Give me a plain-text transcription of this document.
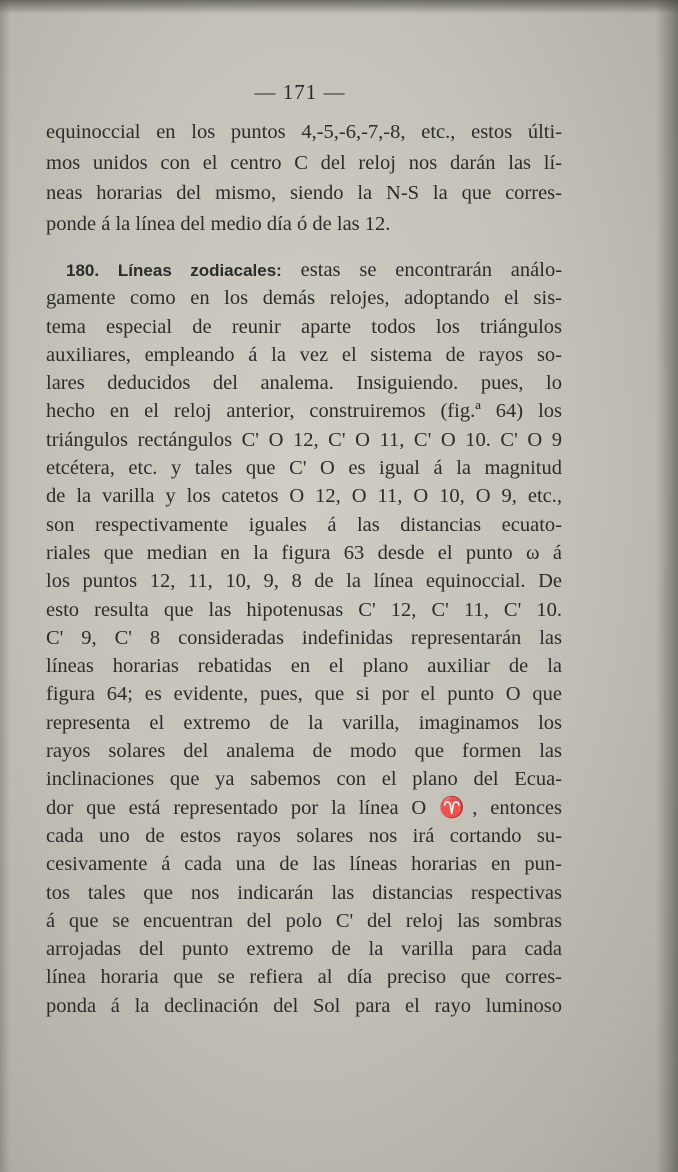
— 171 —
equinoccial en los puntos 4,-5,-6,-7,-8, etc., estos últi-
mos unidos con el centro C del reloj nos darán las lí-
neas horarias del mismo, siendo la N-S la que corres-
ponde á la línea del medio día ó de las 12.
180. Líneas zodiacales: estas se encontrarán análo-
gamente como en los demás relojes, adoptando el sis-
tema especial de reunir aparte todos los triángulos
auxiliares, empleando á la vez el sistema de rayos so-
lares deducidos del analema. Insiguiendo. pues, lo
hecho en el reloj anterior, construiremos (fig.ª 64) los
triángulos rectángulos C' O 12, C' O 11, C' O 10. C' O 9
etcétera, etc. y tales que C' O es igual á la magnitud
de la varilla y los catetos O 12, O 11, O 10, O 9, etc.,
son respectivamente iguales á las distancias ecuato-
riales que median en la figura 63 desde el punto ω á
los puntos 12, 11, 10, 9, 8 de la línea equinoccial. De
esto resulta que las hipotenusas C' 12, C' 11, C' 10.
C' 9, C' 8 consideradas indefinidas representarán las
líneas horarias rebatidas en el plano auxiliar de la
figura 64; es evidente, pues, que si por el punto O que
representa el extremo de la varilla, imaginamos los
rayos solares del analema de modo que formen las
inclinaciones que ya sabemos con el plano del Ecua-
dor que está representado por la línea O ♈, entonces
cada uno de estos rayos solares nos irá cortando su-
cesivamente á cada una de las líneas horarias en pun-
tos tales que nos indicarán las distancias respectivas
á que se encuentran del polo C' del reloj las sombras
arrojadas del punto extremo de la varilla para cada
línea horaria que se refiera al día preciso que corres-
ponda á la declinación del Sol para el rayo luminoso
